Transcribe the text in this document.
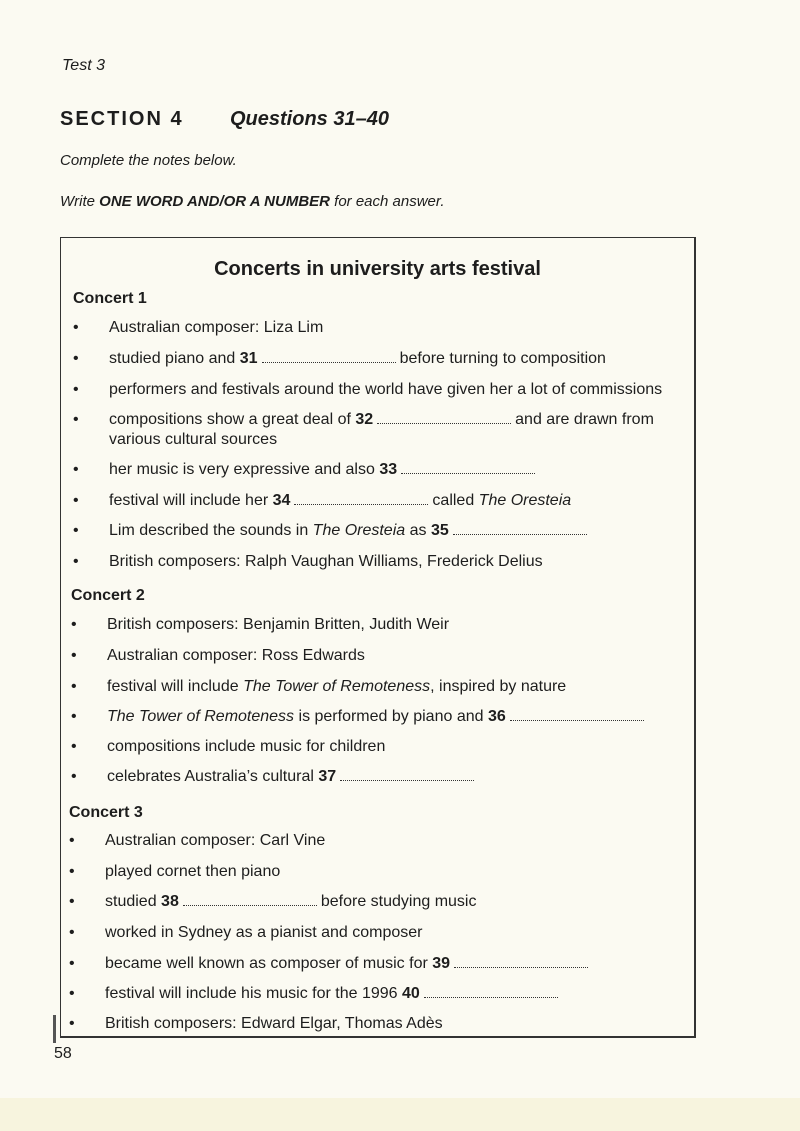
Test 3
SECTION 4 Questions 31–40
Complete the notes below.
Write ONE WORD AND/OR A NUMBER for each answer.
Concerts in university arts festival
Concert 1
• Australian composer: Liza Lim
• studied piano and 31	before turning to composition
• performers and festivals around the world have given her a lot of commissions
• compositions show a great deal of 32	and are drawn from various cultural sources
• her music is very expressive and also 33
• festival will include her 34	called The Oresteia
• Lim described the sounds in The Oresteia as 35
• British composers: Ralph Vaughan Williams, Frederick Delius
Concert 2
• British composers: Benjamin Britten, Judith Weir
• Australian composer: Ross Edwards
• festival will include The Tower of Remoteness, inspired by nature
• The Tower of Remoteness is performed by piano and 36
• compositions include music for children
• celebrates Australia’s cultural 37
Concert 3
• Australian composer: Carl Vine
• played cornet then piano
• studied 38	before studying music
• worked in Sydney as a pianist and composer
• became well known as composer of music for 39
• festival will include his music for the 1996 40
• British composers: Edward Elgar, Thomas Adès
58
